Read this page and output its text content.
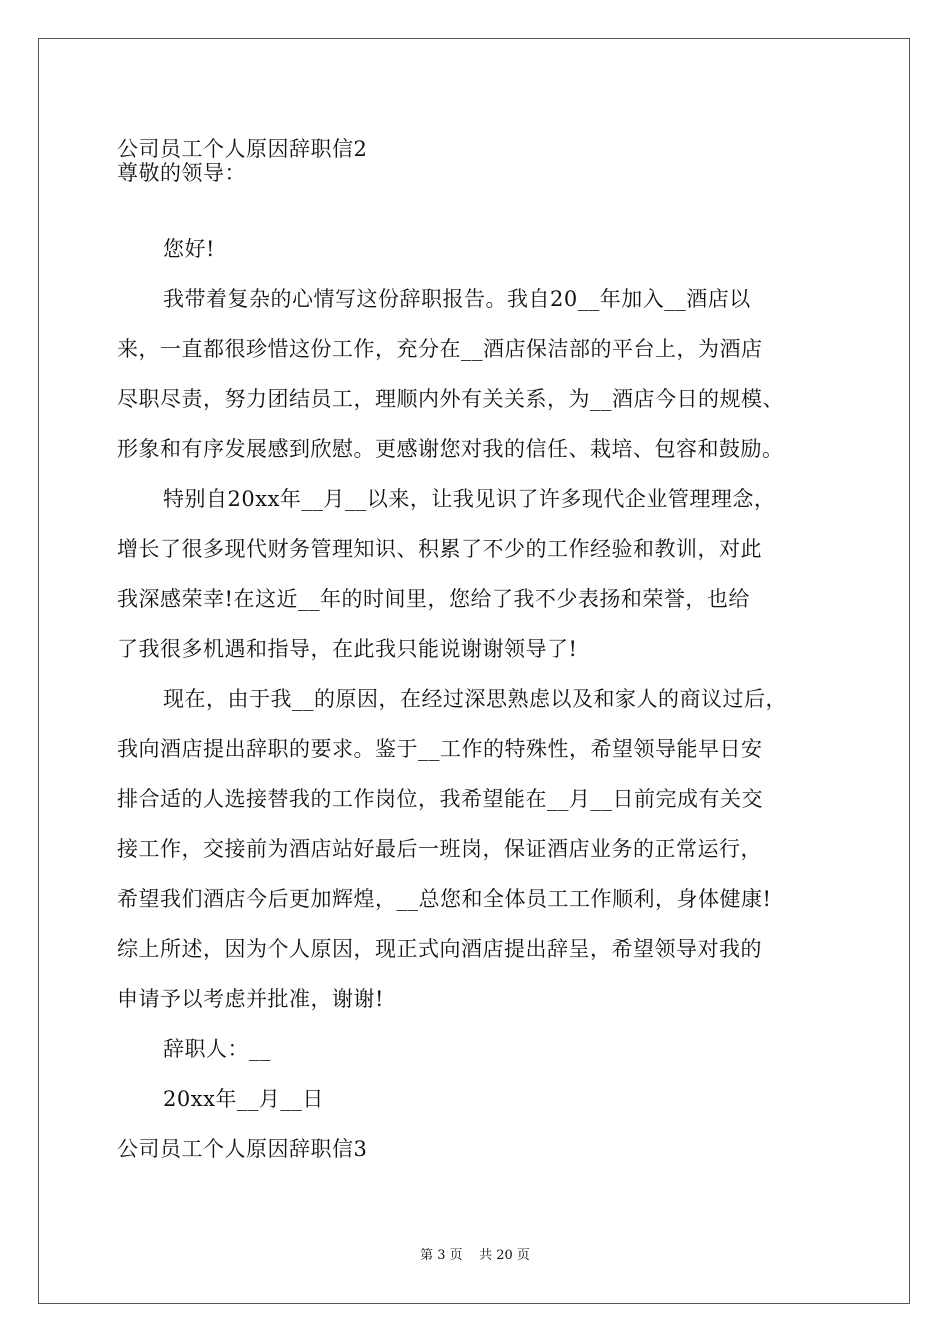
公司员工个人原因辞职信2
尊敬的领导：
您好!
我带着复杂的心情写这份辞职报告。我自20__年加入__酒店以
来，一直都很珍惜这份工作，充分在__酒店保洁部的平台上，为酒店
尽职尽责，努力团结员工，理顺内外有关关系，为__酒店今日的规模、
形象和有序发展感到欣慰。更感谢您对我的信任、栽培、包容和鼓励。
特别自20xx年__月__以来，让我见识了许多现代企业管理理念，
增长了很多现代财务管理知识、积累了不少的工作经验和教训，对此
我深感荣幸!在这近__年的时间里，您给了我不少表扬和荣誉，也给
了我很多机遇和指导，在此我只能说谢谢领导了!
现在，由于我__的原因，在经过深思熟虑以及和家人的商议过后，
我向酒店提出辞职的要求。鉴于__工作的特殊性，希望领导能早日安
排合适的人选接替我的工作岗位，我希望能在__月__日前完成有关交
接工作，交接前为酒店站好最后一班岗，保证酒店业务的正常运行，
希望我们酒店今后更加辉煌，__总您和全体员工工作顺利，身体健康!
综上所述，因为个人原因，现正式向酒店提出辞呈，希望领导对我的
申请予以考虑并批准，谢谢!
辞职人：__
20xx年__月__日
公司员工个人原因辞职信3
第 3 页    共 20 页
